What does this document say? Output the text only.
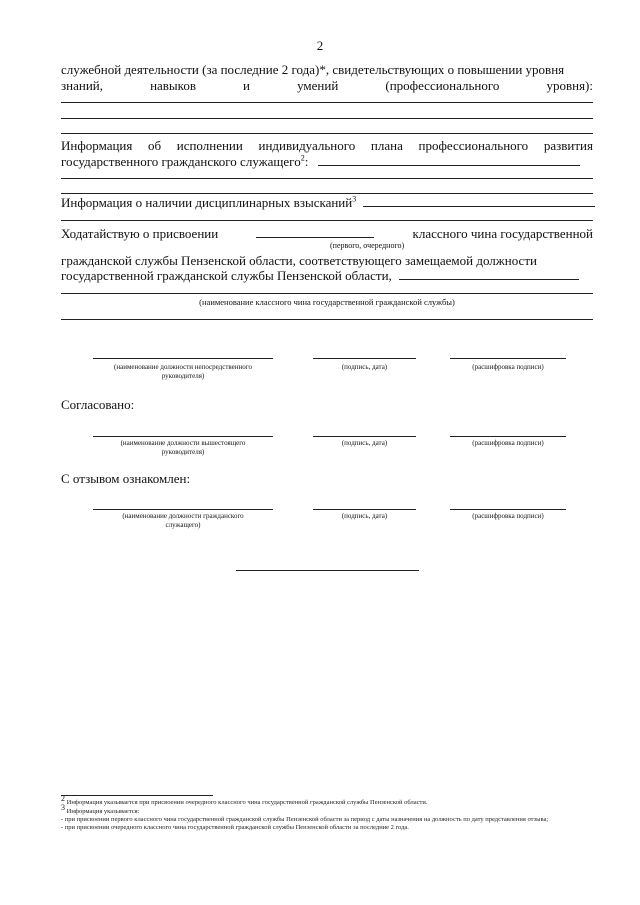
2
служебной деятельности (за последние 2 года)*, свидетельствующих о повышении уровня
знаний,	навыков	и	умений	(профессионального	уровня):
Информация об исполнении индивидуального плана профессионального развития
государственного гражданского служащего$^2$:
Информация о наличии дисциплинарных взысканий$^3$
Ходатайствую о присвоении	классного чина государственной
(первого, очередного)
гражданской службы Пензенской области, соответствующего замещаемой должности
государственной гражданской службы Пензенской области,
(наименование классного чина государственной гражданской службы)
(наименование должности непосредственного руководителя)
(подпись, дата)	(расшифровка подписи)
Согласовано:
(наименование должности вышестоящего руководителя)
(подпись, дата)	(расшифровка подписи)
С отзывом ознакомлен:
(наименование должности гражданского служащего)
(подпись, дата)	(расшифровка подписи)
$^2$ Информация указывается при присвоении очередного классного чина государственной гражданской службы Пензенской области.
$^3$ Информация указывается:
- при присвоении первого классного чина государственной гражданской службы Пензенской области за период с даты назначения на должность по дату представления отзыва;
- при присвоении очередного классного чина государственной гражданской службы Пензенской области за последние 2 года.
